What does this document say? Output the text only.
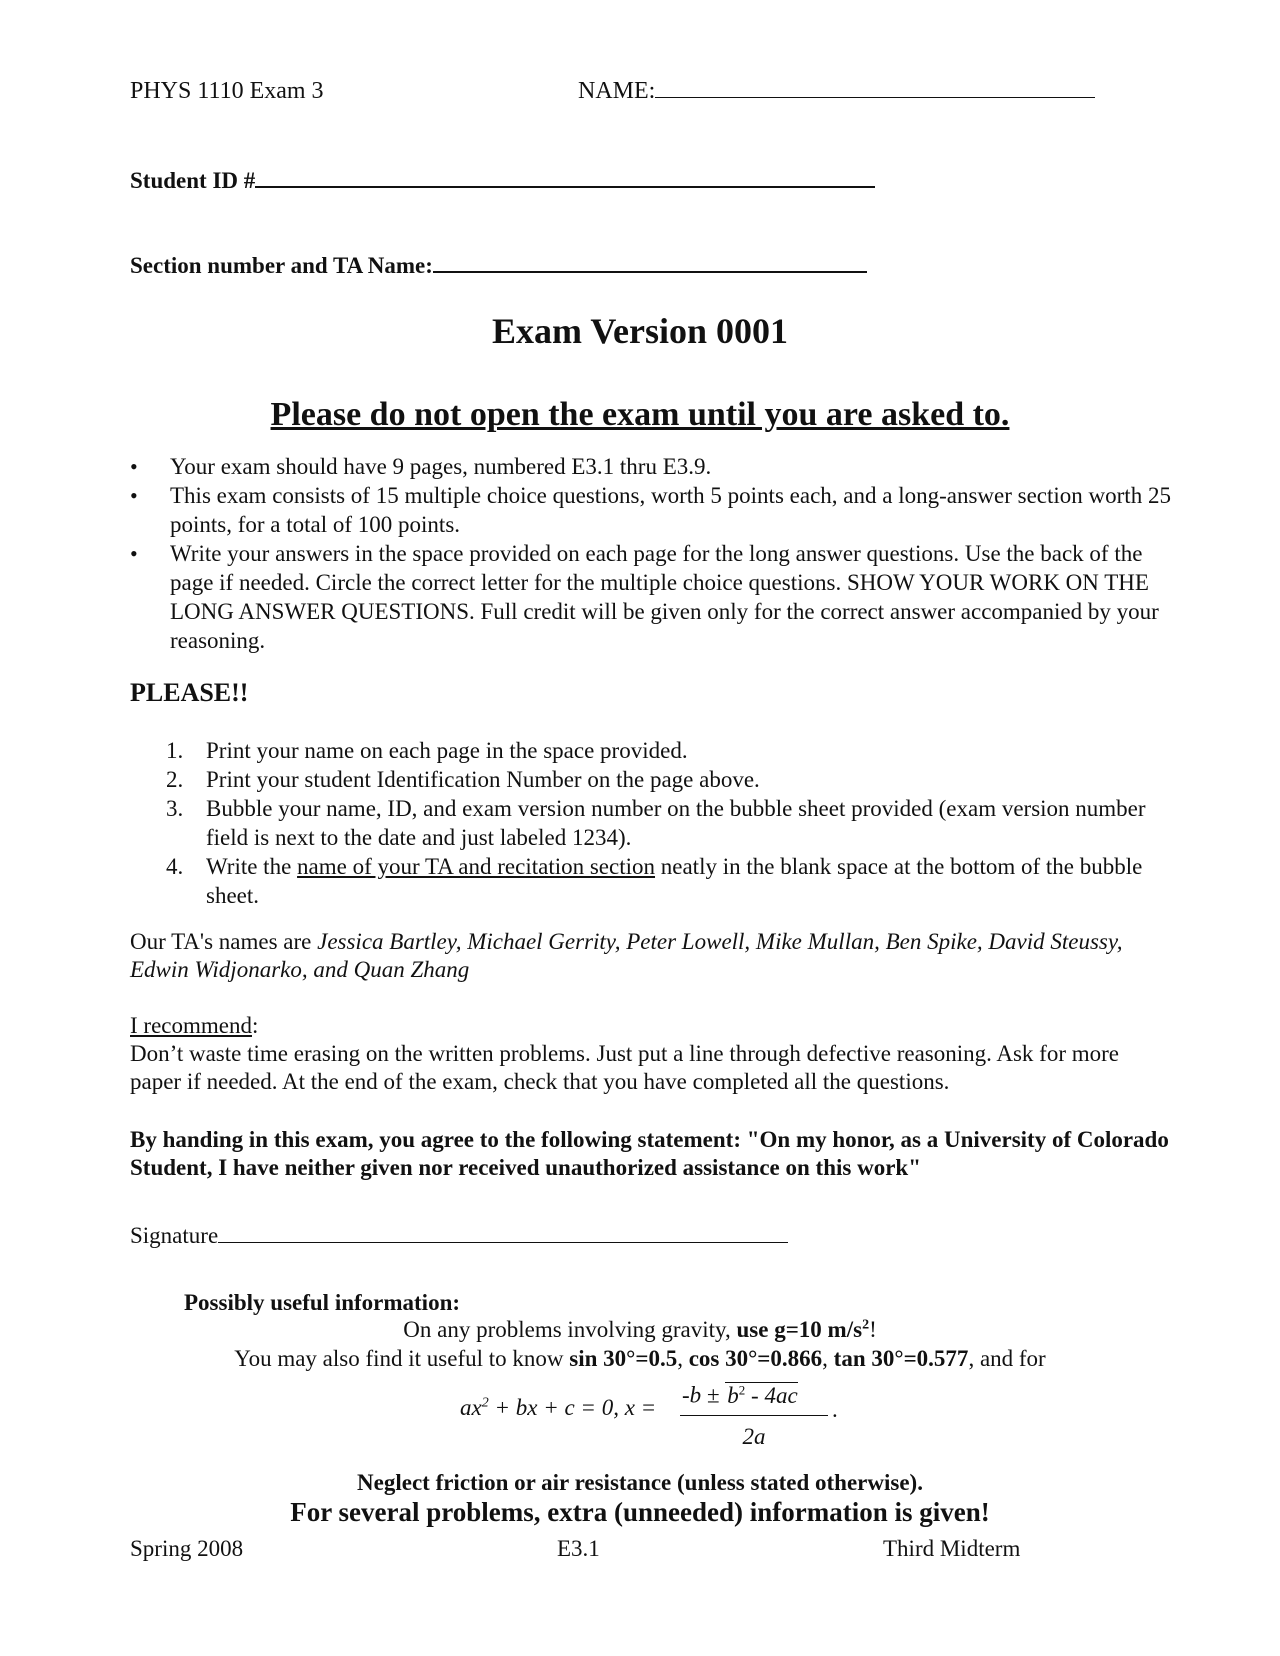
PHYS 1110 Exam 3	NAME:
Student ID #
Section number and TA Name:
Exam Version 0001
Please do not open the exam until you are asked to.
• Your exam should have 9 pages, numbered E3.1 thru E3.9.
• This exam consists of 15 multiple choice questions, worth 5 points each, and a long-answer section worth 25 points, for a total of 100 points.
• Write your answers in the space provided on each page for the long answer questions. Use the back of the page if needed. Circle the correct letter for the multiple choice questions. SHOW YOUR WORK ON THE LONG ANSWER QUESTIONS. Full credit will be given only for the correct answer accompanied by your reasoning.
PLEASE!!
1. Print your name on each page in the space provided.
2. Print your student Identification Number on the page above.
3. Bubble your name, ID, and exam version number on the bubble sheet provided (exam version number field is next to the date and just labeled 1234).
4. Write the name of your TA and recitation section neatly in the blank space at the bottom of the bubble sheet.
Our TA's names are Jessica Bartley, Michael Gerrity, Peter Lowell, Mike Mullan, Ben Spike, David Steussy, Edwin Widjonarko, and Quan Zhang
I recommend:
Don’t waste time erasing on the written problems. Just put a line through defective reasoning. Ask for more paper if needed. At the end of the exam, check that you have completed all the questions.
By handing in this exam, you agree to the following statement: "On my honor, as a University of Colorado Student, I have neither given nor received unauthorized assistance on this work"
Signature
Possibly useful information:
On any problems involving gravity, use g=10 $m/s^2$!
You may also find it useful to know sin 30°=0.5, cos 30°=0.866, tan 30°=0.577, and for
$ax^2$ + bx + c = 0, $x = -b \pm b^2 - 4ac$
2a
.
Neglect friction or air resistance (unless stated otherwise).
For several problems, extra (unneeded) information is given!
Spring 2008	E3.1	Third Midterm
